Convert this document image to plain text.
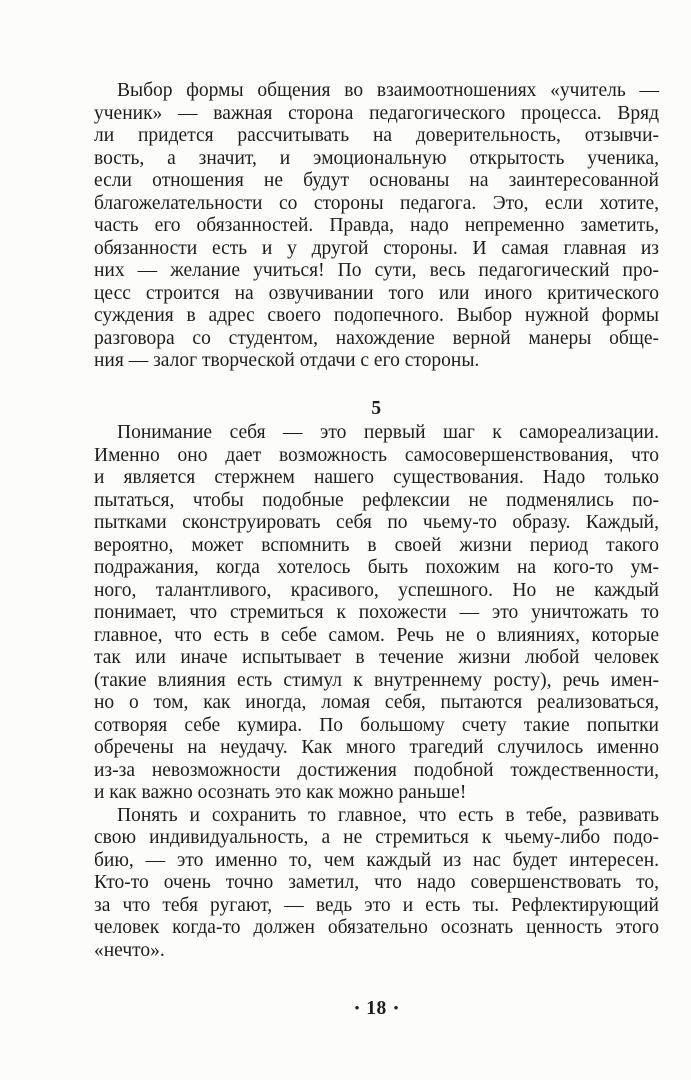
Выбор формы общения во взаимоотношениях «учитель —
ученик» — важная сторона педагогического процесса. Вряд
ли придется рассчитывать на доверительность, отзывчи-
вость, а значит, и эмоциональную открытость ученика,
если отношения не будут основаны на заинтересованной
благожелательности со стороны педагога. Это, если хотите,
часть его обязанностей. Правда, надо непременно заметить,
обязанности есть и у другой стороны. И самая главная из
них — желание учиться! По сути, весь педагогический про-
цесс строится на озвучивании того или иного критического
суждения в адрес своего подопечного. Выбор нужной формы
разговора со студентом, нахождение верной манеры обще-
ния — залог творческой отдачи с его стороны.
5
Понимание себя — это первый шаг к самореализации.
Именно оно дает возможность самосовершенствования, что
и является стержнем нашего существования. Надо только
пытаться, чтобы подобные рефлексии не подменялись по-
пытками сконструировать себя по чьему-то образу. Каждый,
вероятно, может вспомнить в своей жизни период такого
подражания, когда хотелось быть похожим на кого-то ум-
ного, талантливого, красивого, успешного. Но не каждый
понимает, что стремиться к похожести — это уничтожать то
главное, что есть в себе самом. Речь не о влияниях, которые
так или иначе испытывает в течение жизни любой человек
(такие влияния есть стимул к внутреннему росту), речь имен-
но о том, как иногда, ломая себя, пытаются реализоваться,
сотворяя себе кумира. По большому счету такие попытки
обречены на неудачу. Как много трагедий случилось именно
из-за невозможности достижения подобной тождественности,
и как важно осознать это как можно раньше!
Понять и сохранить то главное, что есть в тебе, развивать
свою индивидуальность, а не стремиться к чьему-либо подо-
бию, — это именно то, чем каждый из нас будет интересен.
Кто-то очень точно заметил, что надо совершенствовать то,
за что тебя ругают, — ведь это и есть ты. Рефлектирующий
человек когда-то должен обязательно осознать ценность этого
«нечто».
• 18 •
